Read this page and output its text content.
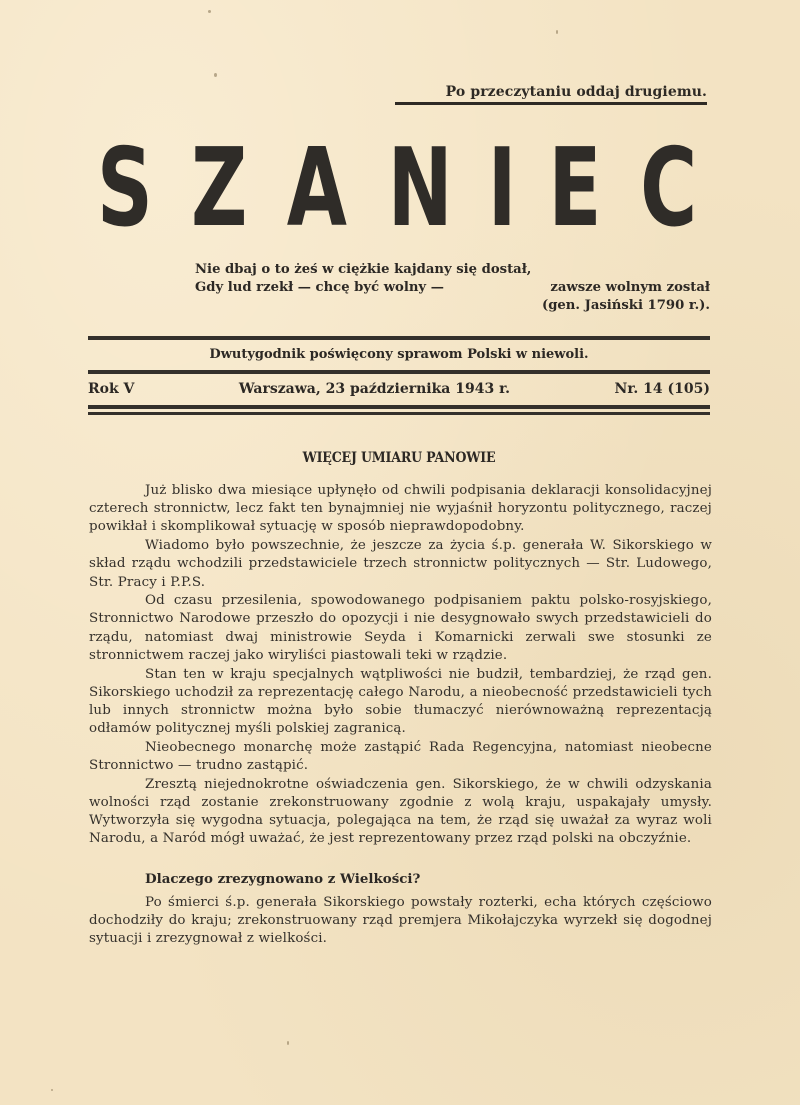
Po przeczytaniu oddaj drugiemu.
S Z A N I E C
Nie dbaj o to żeś w ciężkie kajdany się dostał,
Gdy lud rzekł — chcę być wolny —	zawsze wolnym został
(gen. Jasiński 1790 r.).
Dwutygodnik poświęcony sprawom Polski w niewoli.
Rok V	Warszawa, 23 października 1943 r.	Nr. 14 (105)
WIĘCEJ UMIARU PANOWIE

Już blisko dwa miesiące upłynęło od chwili podpisania deklaracji konsolidacyjnej czterech stronnictw, lecz fakt ten bynajmniej nie wyjaśnił horyzontu politycznego, raczej powikłał i skomplikował sytuację w sposób nieprawdopodobny.

Wiadomo było powszechnie, że jeszcze za życia ś.p. generała W. Sikorskiego w skład rządu wchodzili przedstawiciele trzech stronnictw politycznych — Str. Ludowego, Str. Pracy i P.P.S.

Od czasu przesilenia, spowodowanego podpisaniem paktu polsko-rosyjskiego, Stronnictwo Narodowe przeszło do opozycji i nie desygnowało swych przedstawicieli do rządu, natomiast dwaj ministrowie Seyda i Komarnicki zerwali swe stosunki ze stronnictwem raczej jako wiryliści piastowali teki w rządzie.

Stan ten w kraju specjalnych wątpliwości nie budził, tembardziej, że rząd gen. Sikorskiego uchodził za reprezentację całego Narodu, a nieobecność przedstawicieli tych lub innych stronnictw można było sobie tłumaczyć nierównoważną reprezentacją odłamów politycznej myśli polskiej zagranicą.

Nieobecnego monarchę może zastąpić Rada Regencyjna, natomiast nieobecne Stronnictwo — trudno zastąpić.

Zresztą niejednokrotne oświadczenia gen. Sikorskiego, że w chwili odzyskania wolności rząd zostanie zrekonstruowany zgodnie z wolą kraju, uspakajały umysły. Wytworzyła się wygodna sytuacja, polegająca na tem, że rząd się uważał za wyraz woli Narodu, a Naród mógł uważać, że jest reprezentowany przez rząd polski na obczyźnie.

Dlaczego zrezygnowano z Wielkości?

Po śmierci ś.p. generała Sikorskiego powstały rozterki, echa których częściowo dochodziły do kraju; zrekonstruowany rząd premjera Mikołajczyka wyrzekł się dogodnej sytuacji i zrezygnował z wielkości.
